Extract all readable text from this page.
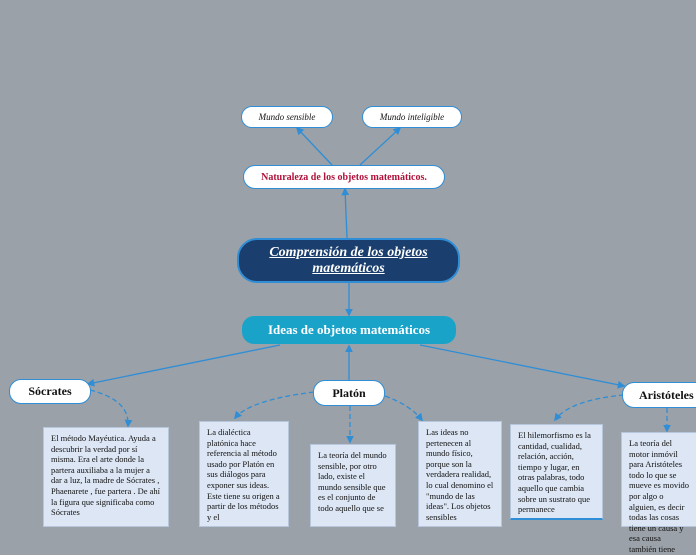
Mundo sensible	Mundo inteligible
Naturaleza de los objetos matemáticos.
Comprensión de los objetos matemáticos
Ideas de objetos matemáticos
Sócrates	Platón	Aristóteles
El método Mayéutica. Ayuda a descubrir la verdad por sí misma. Era el arte donde la partera auxiliaba a la mujer a dar a luz, la madre de Sócrates , Phaenarete , fue partera . De ahí la figura que significaba como Sócrates
La dialéctica platónica hace referencia al método usado por Platón en sus diálogos para exponer sus ideas. Este tiene su origen a partir de los métodos y el
La teoría del mundo sensible, por otro lado, existe el mundo sensible que es el conjunto de todo aquello que se
Las ideas no pertenecen al mundo físico, porque son la verdadera realidad, lo cual denomino el "mundo de las ideas". Los objetos sensibles
El hilemorfismo es la cantidad, cualidad, relación, acción, tiempo y lugar, en otras palabras, todo aquello que cambia sobre un sustrato que permanece
La teoría del motor inmóvil para Aristóteles todo lo que se mueve es movido por algo o alguien, es decir todas las cosas tiene un causa y esa causa también tiene
